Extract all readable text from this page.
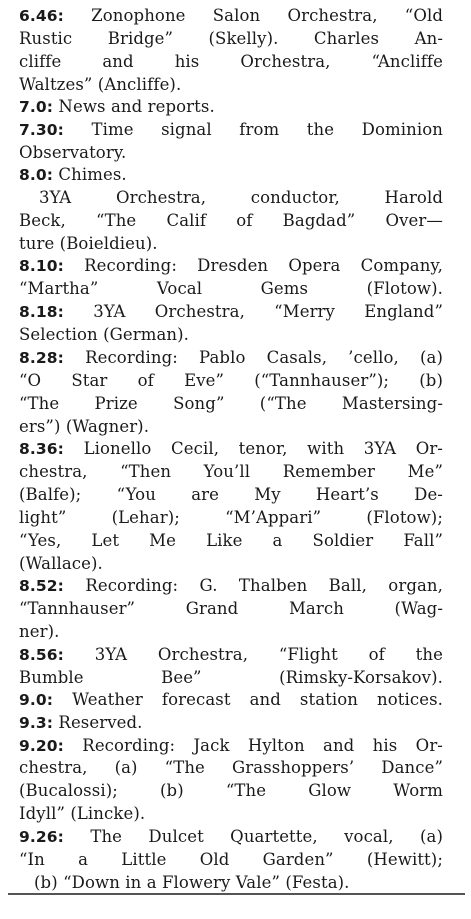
6.46: Zonophone Salon Orchestra, “Old
Rustic Bridge” (Skelly). Charles An-
cliffe and his Orchestra, “Ancliffe
Waltzes” (Ancliffe).
7.0: News and reports.
7.30: Time signal from the Dominion
Observatory.
8.0: Chimes.
3YA Orchestra, conductor, Harold
Beck, “The Calif of Bagdad” Over—
ture (Boieldieu).
8.10: Recording: Dresden Opera Company,
“Martha” Vocal Gems (Flotow).
8.18: 3YA Orchestra, “Merry England”
Selection (German).
8.28: Recording: Pablo Casals, ’cello, (a)
“O Star of Eve” (“Tannhauser”); (b)
“The Prize Song” (“The Mastersing-
ers”) (Wagner).
8.36: Lionello Cecil, tenor, with 3YA Or-
chestra, “Then You’ll Remember Me”
(Balfe); “You are My Heart’s De-
light” (Lehar); “M’Appari” (Flotow);
“Yes, Let Me Like a Soldier Fall”
(Wallace).
8.52: Recording: G. Thalben Ball, organ,
“Tannhauser” Grand March (Wag-
ner).
8.56: 3YA Orchestra, “Flight of the
Bumble Bee” (Rimsky-Korsakov).
9.0: Weather forecast and station notices.
9.3: Reserved.
9.20: Recording: Jack Hylton and his Or-
chestra, (a) “The Grasshoppers’ Dance”
(Bucalossi); (b) “The Glow Worm
Idyll” (Lincke).
9.26: The Dulcet Quartette, vocal, (a)
“In a Little Old Garden” (Hewitt);
(b) “Down in a Flowery Vale” (Festa).
